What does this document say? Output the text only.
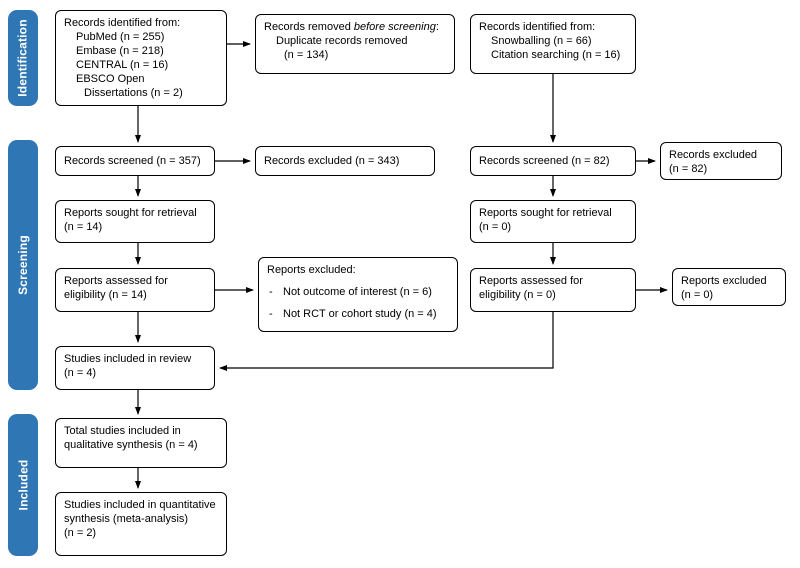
Identification
Screening
Included
Records identified from:
PubMed (n = 255)
Embase (n = 218)
CENTRAL (n = 16)
EBSCO Open
Dissertations (n = 2)
Records removed before screening:
Duplicate records removed
(n = 134)
Records identified from:
Snowballing (n = 66)
Citation searching (n = 16)
Records screened (n = 357)	Records excluded (n = 343)	Records screened (n = 82)	Records excluded
(n = 82)
Reports sought for retrieval
(n = 14)
Reports sought for retrieval
(n = 0)
Reports assessed for
eligibility (n = 14)
Reports excluded:
- Not outcome of interest (n = 6)
- Not RCT or cohort study (n = 4)
Reports assessed for
eligibility (n = 0)
Reports excluded
(n = 0)
Studies included in review
(n = 4)
Total studies included in
qualitative synthesis (n = 4)
Studies included in quantitative
synthesis (meta-analysis)
(n = 2)
